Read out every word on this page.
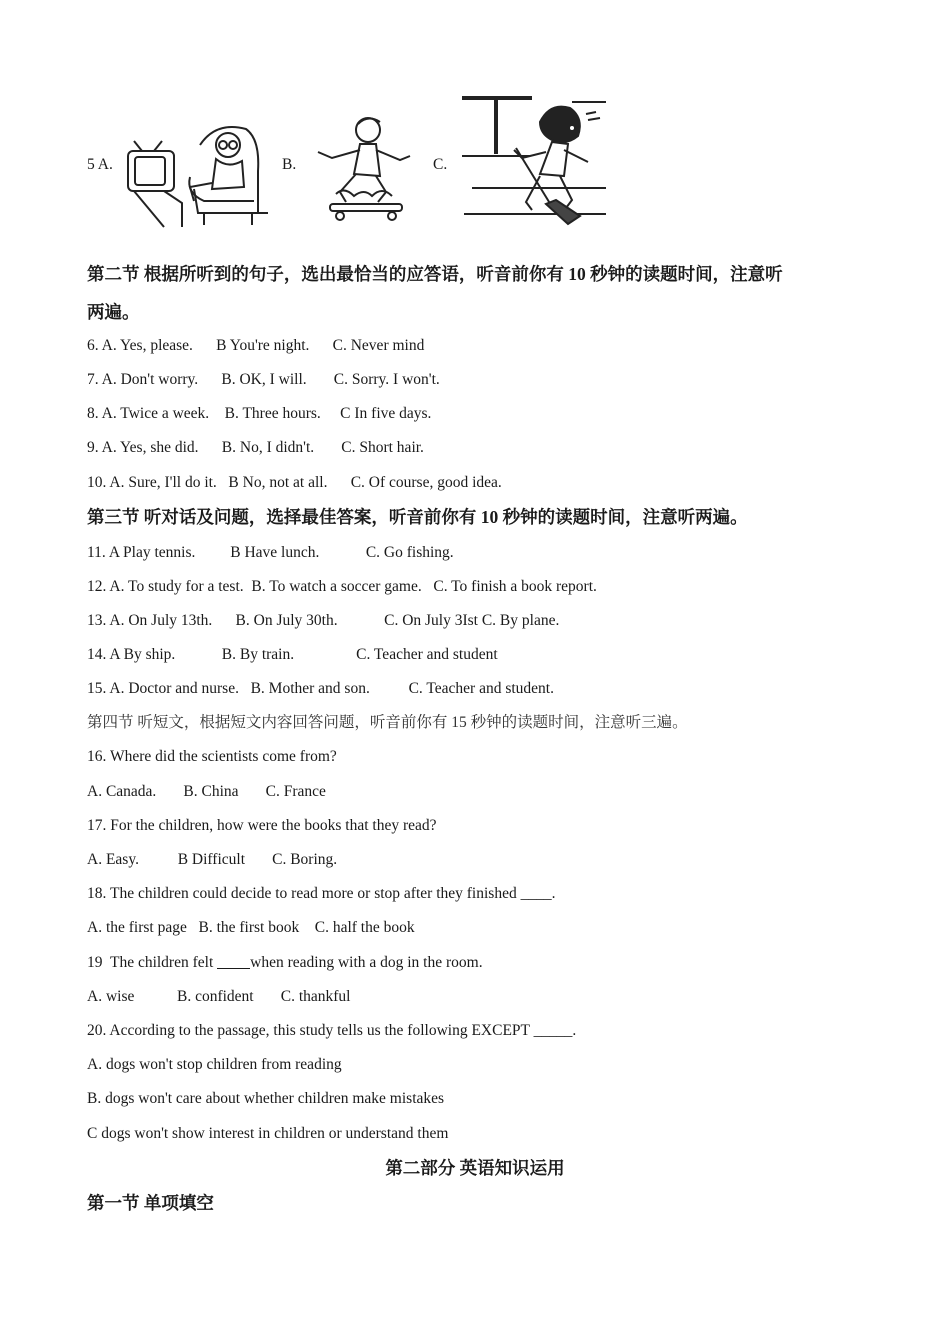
5 A.	B.	C.
第二节 根据所听到的句子，选出最恰当的应答语，听音前你有 10 秒钟的读题时间，注意听
两遍。
6. A. Yes, please.      B You're night.      C. Never mind
7. A. Don't worry.      B. OK, I will.       C. Sorry. I won't.
8. A. Twice a week.    B. Three hours.     C In five days.
9. A. Yes, she did.      B. No, I didn't.       C. Short hair.
10. A. Sure, I'll do it.   B No, not at all.      C. Of course, good idea.
第三节 听对话及问题，选择最佳答案，听音前你有 10 秒钟的读题时间，注意听两遍。
11. A Play tennis.         B Have lunch.            C. Go fishing.
12. A. To study for a test.  B. To watch a soccer game.   C. To finish a book report.
13. A. On July 13th.      B. On July 30th.            C. On July 3Ist C. By plane.
14. A By ship.            B. By train.                C. Teacher and student
15. A. Doctor and nurse.   B. Mother and son.          C. Teacher and student.
第四节 听短文，根据短文内容回答问题，听音前你有 15 秒钟的读题时间，注意听三遍。
16. Where did the scientists come from?
A. Canada.       B. China       C. France
17. For the children, how were the books that they read?
A. Easy.          B Difficult       C. Boring.
18. The children could decide to read more or stop after they finished ____.
A. the first page   B. the first book    C. half the book
19  The children felt when reading with a dog in the room.
A. wise           B. confident       C. thankful
20. According to the passage, this study tells us the following EXCEPT _____.
A. dogs won't stop children from reading
B. dogs won't care about whether children make mistakes
C dogs won't show interest in children or understand them
第二部分 英语知识运用
第一节 单项填空
